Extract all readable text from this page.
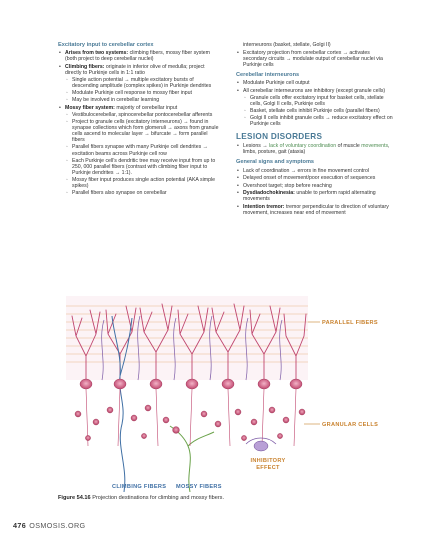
Excitatory input to cerebellar cortex
• Arises from two systems: climbing fibers, mossy fiber system (both project to deep cerebellar nuclei)
• Climbing fibers: originate in inferior olive of medulla; project directly to Purkinje cells in 1:1 ratio
◦ Single action potential → multiple excitatory bursts of descending amplitude (complex spikes) in Purkinje dendrites
◦ Modulate Purkinje cell response to mossy fiber input
◦ May be involved in cerebellar learning
• Mossy fiber system: majority of cerebellar input
◦ Vestibulocerebellar, spinocerebellar pontocerebellar afferents
◦ Project to granule cells (excitatory interneurons) → found in synapse collections which form glomeruli → axons from granule cells ascend to molecular layer → bifurcate → form parallel fibers
◦ Parallel fibers synapse with many Purkinje cell dendrites → excitation beams across Purkinje cell row
◦ Each Purkinje cell’s dendritic tree may receive input from up to 250, 000 parallel fibers (contrast with climbing fiber input to Purkinje dendrites → 1:1).
◦ Mossy fiber input produces single action potential (AKA simple spikes)
◦ Parallel fibers also synapse on cerebellar
interneurons (basket, stellate, Golgi II)
• Excitatory projection from cerebellar cortex → activates secondary circuits → modulate output of cerebellar nuclei via Purkinje cells
Cerebellar interneurons
• Modulate Purkinje cell output
• All cerebellar interneurons are inhibitory (except granule cells)
◦ Granule cells offer excitatory input for basket cells, stellate cells, Golgi II cells, Purkinje cells
◦ Basket, stellate cells inhibit Purkinje cells (parallel fibers)
◦ Golgi II cells inhibit granule cells → reduce excitatory effect on Purkinje cells
LESION DISORDERS
• Lesions → lack of voluntary coordination of muscle movements, limbs, posture, gait (ataxia)
General signs and symptoms
• Lack of coordination → errors in fine movement control
• Delayed onset of movement/poor execution of sequences
• Overshoot target; stop before reaching
• Dysdiadochokinesia: unable to perform rapid alternating movements
• Intention tremor: tremor perpendicular to direction of voluntary movement, increases near end of movement
PARALLEL FIBERS
GRANULAR CELLS
INHIBITORY
EFFECT
CLIMBING FIBERS MOSSY FIBERS
Figure 54.16 Projection destinations for climbing and mossy fibers.
476 OSMOSIS.ORG
